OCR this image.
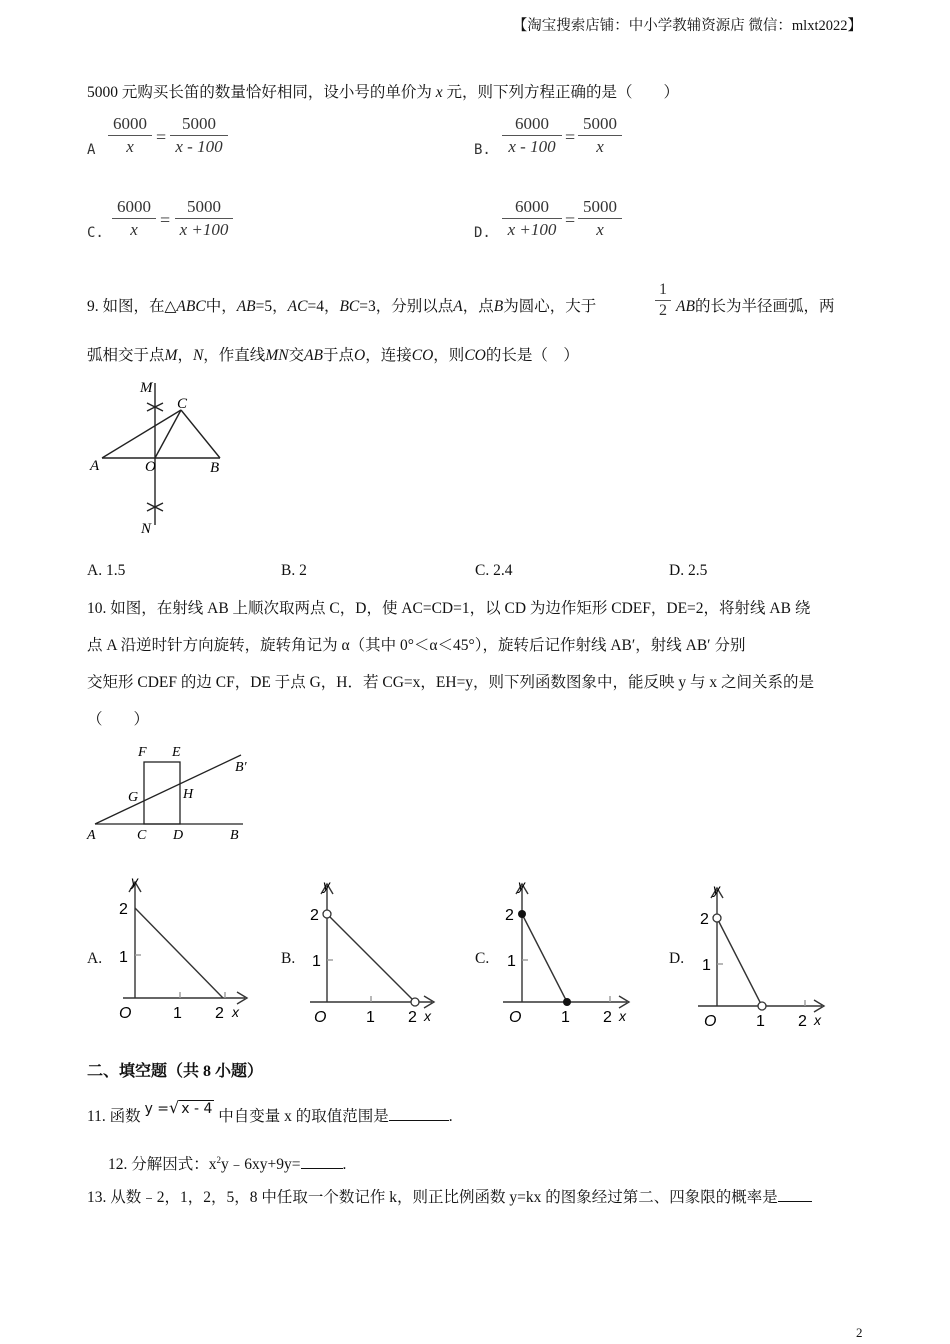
【淘宝搜索店铺：中小学教辅资源店 微信：mlxt2022】
5000 元购买长笛的数量恰好相同，设小号的单价为 x 元，则下列方程正确的是（　　）
A $\frac{6000}{x} = \frac{5000}{x - 100}$	B. $\frac{6000}{x - 100} = \frac{5000}{x}$
C. $\frac{6000}{x} = \frac{5000}{x +100}$	D. $\frac{6000}{x +100} = \frac{5000}{x}$
9. 如图，在△ABC中，AB=5，AC=4，BC=3，分别以点A，点B为圆心，大于	$\frac{1}{2}$ AB的长为半径画弧，两
弧相交于点M，N，作直线MN交AB于点O，连接CO，则CO的长是（　）
M
C
A	O	B
N
A. 1.5	B. 2	C. 2.4	D. 2.5
10. 如图，在射线 AB 上顺次取两点 C，D，使 AC=CD=1，以 CD 为边作矩形 CDEF，DE=2，将射线 AB 绕
点 A 沿逆时针方向旋转，旋转角记为 α（其中 0°＜α＜45°），旋转后记作射线 AB′，射线 AB′ 分别
交矩形 CDEF 的边 CF，DE 于点 G，H．若 CG=x，EH=y，则下列函数图象中，能反映 y 与 x 之间关系的是
（　　）
F E
B′
G	H
A	C D	B
A.	B.	C.	D.
y
2
1
O	1 2 x
y
2
1
O 1 2 x
y
2
1
O 1 2 x
y
2
1
O 1 2 x
二、填空题（共 8 小题）
11. 函数 y =√ x - 4 中自变量 x 的取值范围是	.
12. 分解因式：$x^2y﹣6xy+9y=$	.
13. 从数﹣2，1，2，5，8 中任取一个数记作 k，则正比例函数 y=kx 的图象经过第二、四象限的概率是
2
